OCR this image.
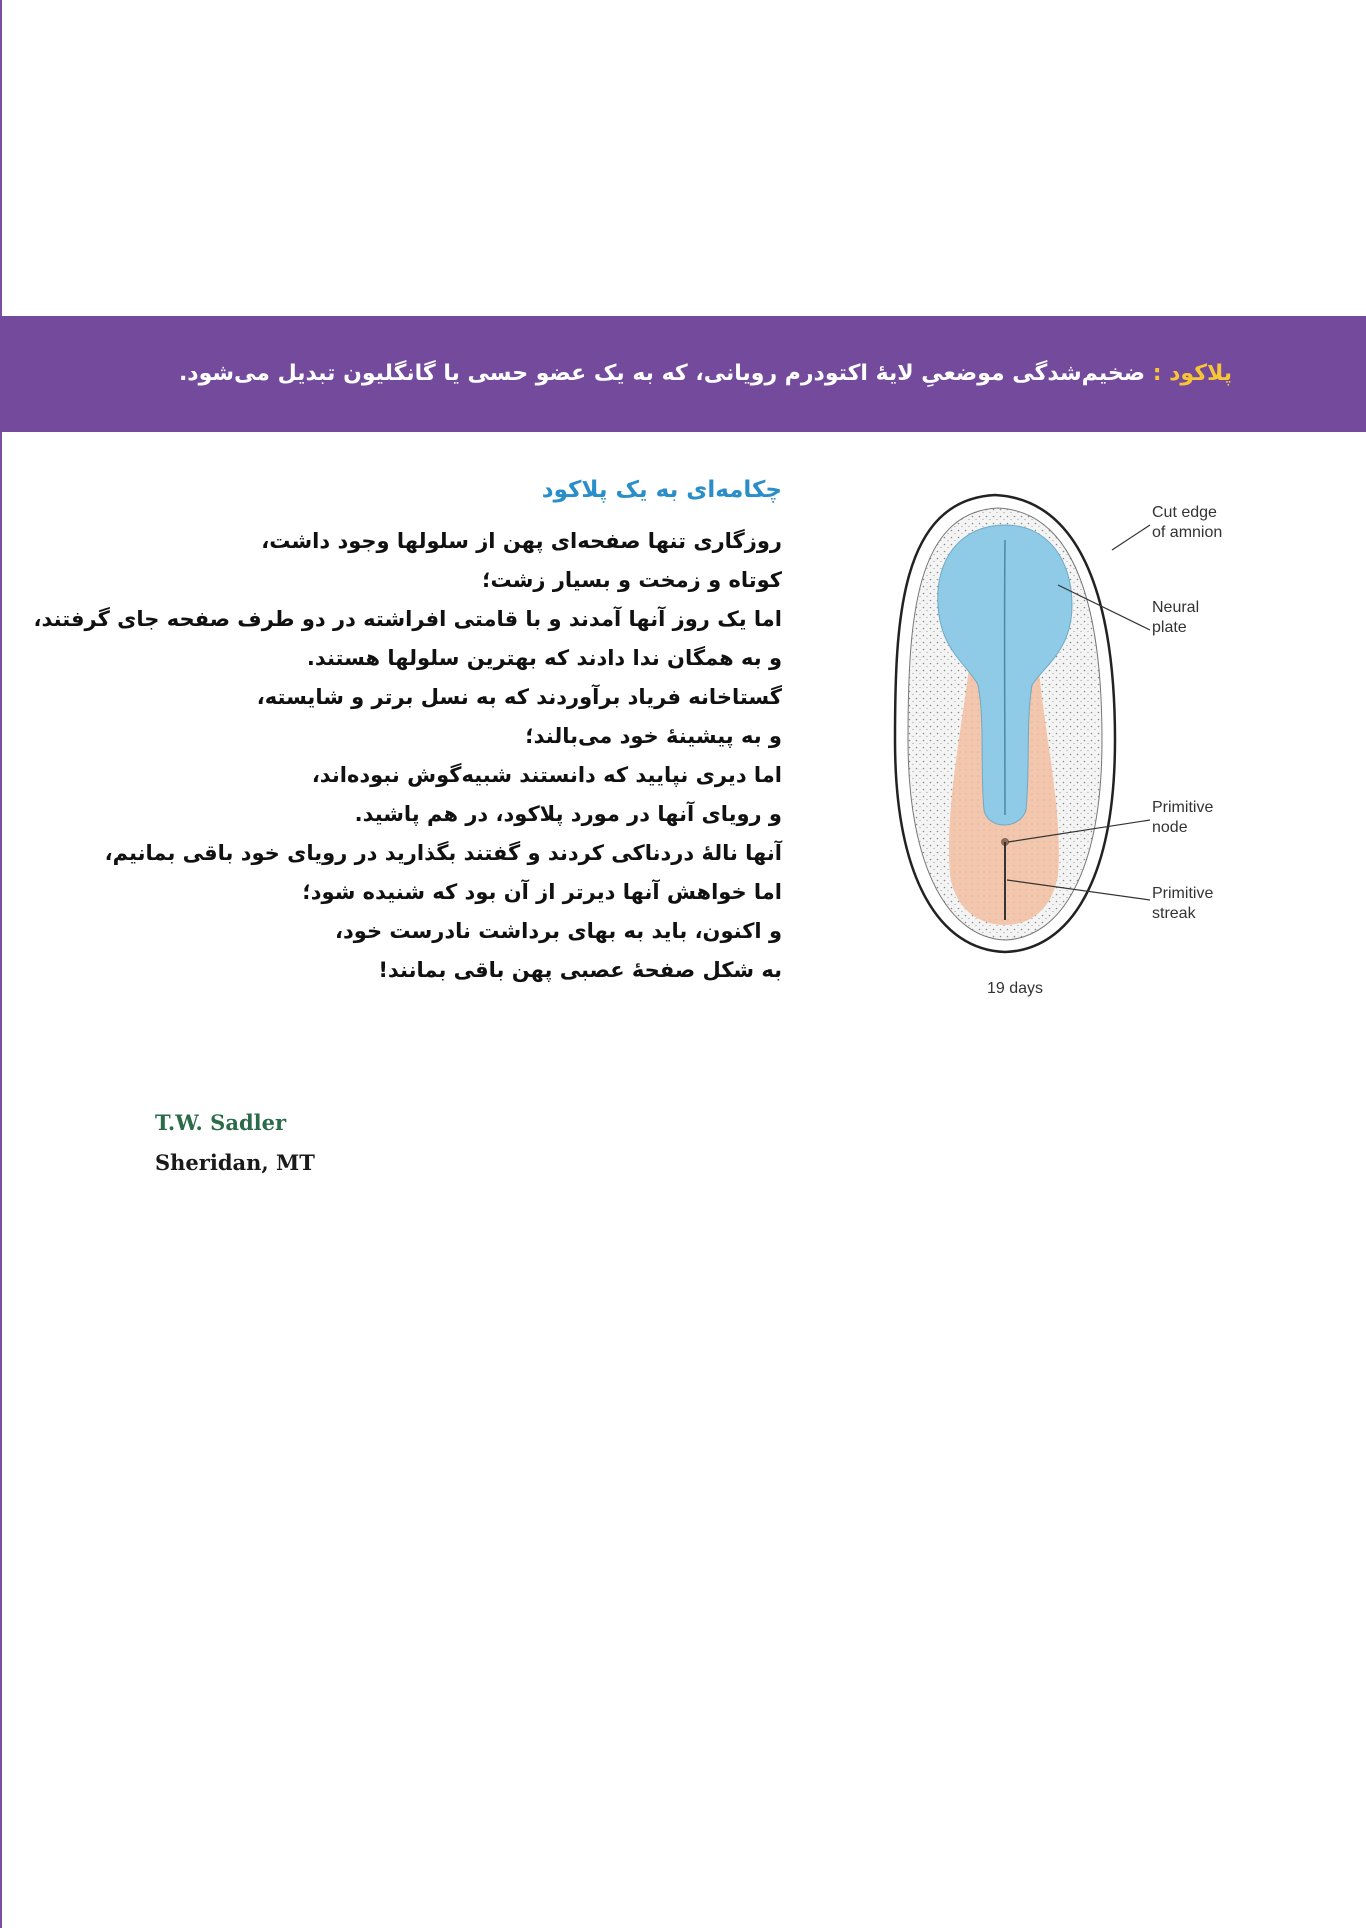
پلاکود : ضخیم‌شدگی موضعیِ لایۀ اکتودرم رویانی، که به یک عضو حسی یا گانگلیون تبدیل می‌شود.
چکامه‌ای به یک پلاکود
روزگاری تنها صفحه‌ای پهن از سلولها وجود داشت،
کوتاه و زمخت و بسیار زشت؛
اما یک روز آنها آمدند و با قامتی افراشته در دو طرف صفحه جای گرفتند،
و به همگان ندا دادند که بهترین سلولها هستند.
گستاخانه فریاد برآوردند که به نسل برتر و شایسته،
و به پیشینۀ خود می‌بالند؛
اما دیری نپایید که دانستند شبیه‌گوش نبوده‌اند،
و رویای آنها در مورد پلاکود، در هم پاشید.
آنها نالۀ دردناکی کردند و گفتند بگذارید در رویای خود باقی بمانیم،
اما خواهش آنها دیرتر از آن بود که شنیده شود؛
و اکنون، باید به بهای برداشت نادرست خود،
به شکل صفحۀ عصبی پهن باقی بمانند!
Cut edge
of amnion
Neural
plate
Primitive
node
Primitive
streak
19 days
T.W. Sadler
Sheridan, MT
